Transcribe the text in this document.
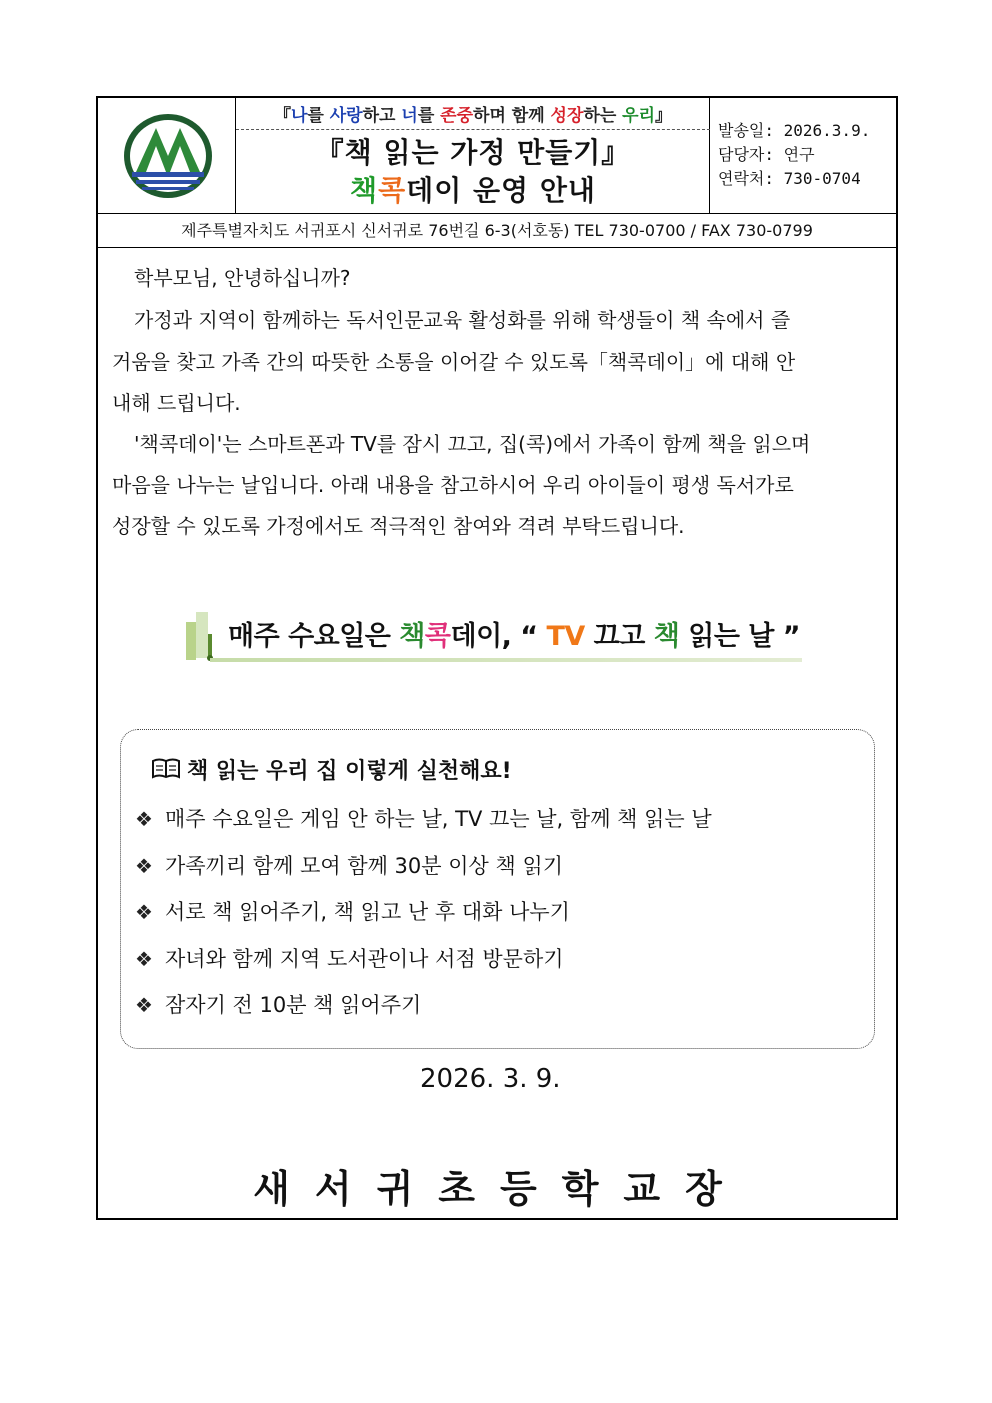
『나를 사랑하고 너를 존중하며 함께 성장하는 우리』
『책 읽는 가정 만들기』
책콕데이 운영 안내
발송일: 2026.3.9.
담당자: 연구
연락처: 730-0704
제주특별자치도 서귀포시 신서귀로 76번길 6-3(서호동) TEL 730-0700 / FAX 730-0799
학부모님, 안녕하십니까?
가정과 지역이 함께하는 독서인문교육 활성화를 위해 학생들이 책 속에서 즐
거움을 찾고 가족 간의 따뜻한 소통을 이어갈 수 있도록「책콕데이」에 대해 안
내해 드립니다.
'책콕데이'는 스마트폰과 TV를 잠시 끄고, 집(콕)에서 가족이 함께 책을 읽으며
마음을 나누는 날입니다. 아래 내용을 참고하시어 우리 아이들이 평생 독서가로
성장할 수 있도록 가정에서도 적극적인 참여와 격려 부탁드립니다.
매주 수요일은 책콕데이, “ TV 끄고 책 읽는 날 ”
책 읽는 우리 집 이렇게 실천해요!
❖ 매주 수요일은 게임 안 하는 날, TV 끄는 날, 함께 책 읽는 날
❖ 가족끼리 함께 모여 함께 30분 이상 책 읽기
❖ 서로 책 읽어주기, 책 읽고 난 후 대화 나누기
❖ 자녀와 함께 지역 도서관이나 서점 방문하기
❖ 잠자기 전 10분 책 읽어주기
2026. 3. 9.
새서귀초등학교장
